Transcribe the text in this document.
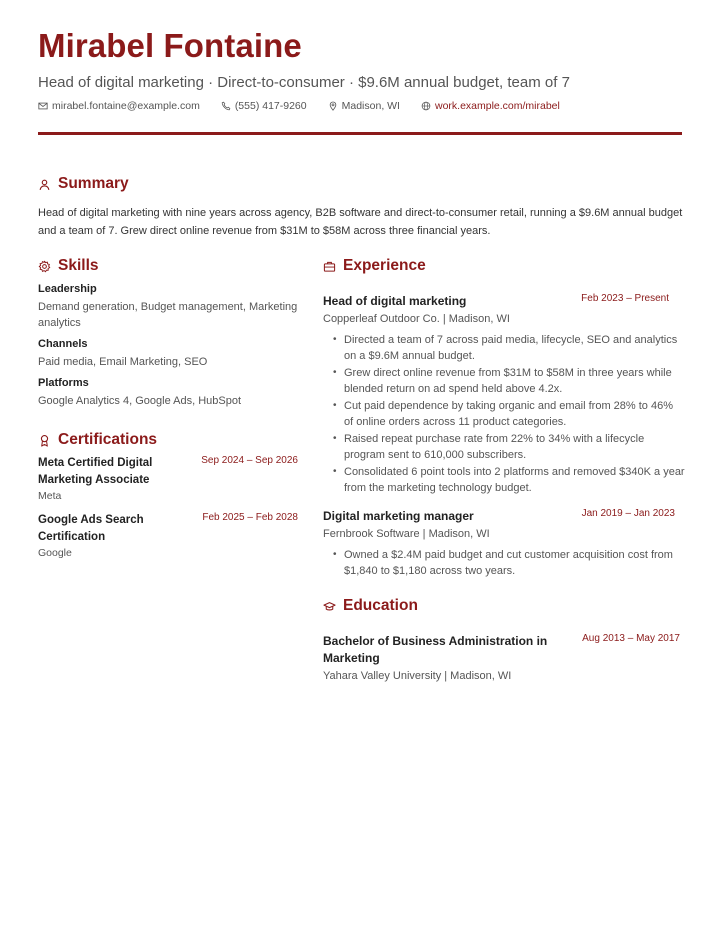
Mirabel Fontaine
Head of digital marketing · Direct-to-consumer · $9.6M annual budget, team of 7
mirabel.fontaine@example.com	(555) 417-9260	Madison, WI	work.example.com/mirabel
Summary

Head of digital marketing with nine years across agency, B2B software and direct-to-consumer retail, running a $9.6M annual budget and a team of 7. Grew direct online revenue from $31M to $58M across three financial years.

Skills
Leadership
Demand generation, Budget management, Marketing analytics
Channels
Paid media, Email Marketing, SEO
Platforms
Google Analytics 4, Google Ads, HubSpot
Certifications
Meta Certified Digital Marketing Associate
Sep 2024 – Sep 2026
Meta
Google Ads Search Certification
Feb 2025 – Feb 2028
Google
Experience
Head of digital marketing	Feb 2023 – Present
Copperleaf Outdoor Co. | Madison, WI
• Directed a team of 7 across paid media, lifecycle, SEO and analytics on a $9.6M annual budget.
• Grew direct online revenue from $31M to $58M in three years while blended return on ad spend held above 4.2x.
• Cut paid dependence by taking organic and email from 28% to 46% of online orders across 11 product categories.
• Raised repeat purchase rate from 22% to 34% with a lifecycle program sent to 610,000 subscribers.
• Consolidated 6 point tools into 2 platforms and removed $340K a year from the marketing technology budget.
Digital marketing manager	Jan 2019 – Jan 2023
Fernbrook Software | Madison, WI
• Owned a $2.4M paid budget and cut customer acquisition cost from $1,840 to $1,180 across two years.
Education
Bachelor of Business Administration in Marketing
Aug 2013 – May 2017
Yahara Valley University | Madison, WI
